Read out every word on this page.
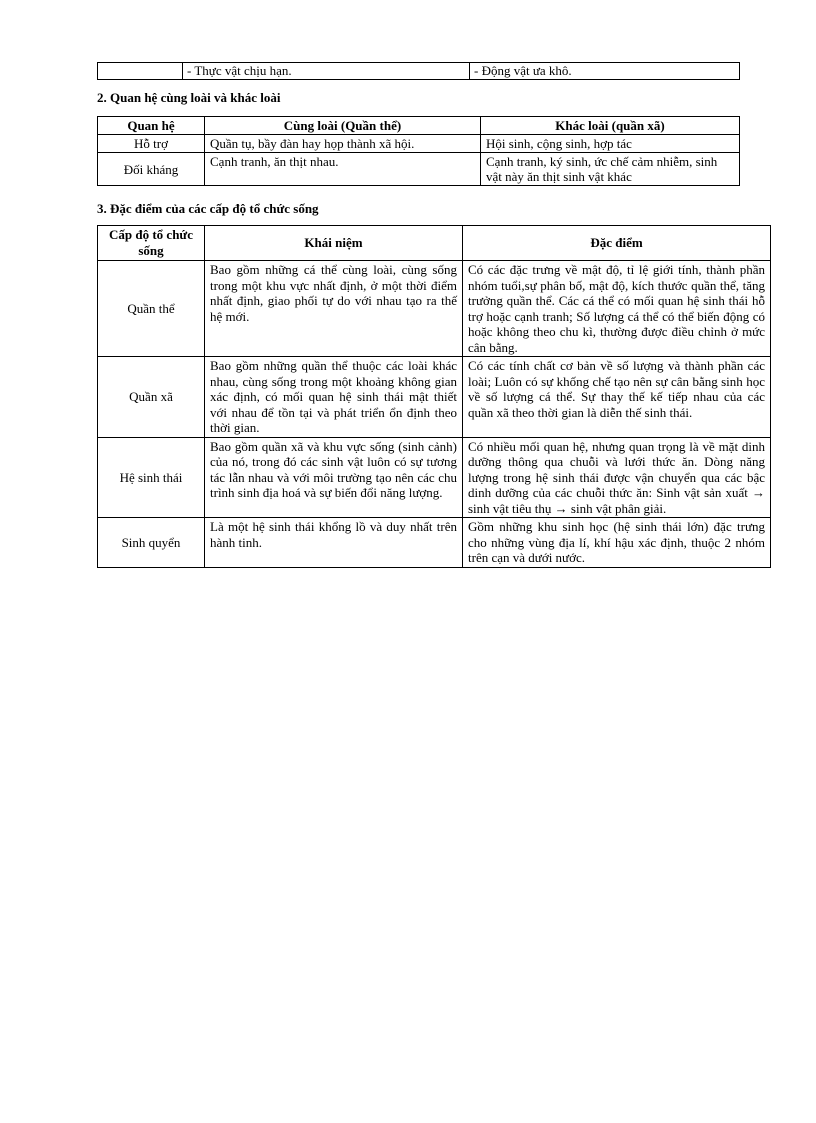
	- Thực vật chịu hạn.	- Động vật ưa khô.
2. Quan hệ cùng loài và khác loài
Quan hệ	Cùng loài (Quần thể)	Khác loài (quần xã)
Hỗ trợ	Quần tụ, bầy đàn hay họp thành xã hội.	Hội sinh, cộng sinh, hợp tác
Đối kháng	Cạnh tranh, ăn thịt nhau.	Cạnh tranh, ký sinh, ức chế cảm nhiễm, sinh vật này ăn thịt sinh vật khác
3. Đặc điểm của các cấp độ tổ chức sống
Cấp độ tổ chức sống	Khái niệm	Đặc điểm
Quần thể	Bao gồm những cá thể cùng loài, cùng sống trong một khu vực nhất định, ở một thời điểm nhất định, giao phối tự do với nhau tạo ra thế hệ mới.	Có các đặc trưng về mật độ, tỉ lệ giới tính, thành phần nhóm tuổi,sự phân bố, mật độ, kích thước quần thể, tăng trưởng quần thể. Các cá thể có mối quan hệ sinh thái hỗ trợ hoặc cạnh tranh; Số lượng cá thể có thể biến động có hoặc không theo chu kì, thường được điều chỉnh ở mức cân bằng.
Quần xã	Bao gồm những quần thể thuộc các loài khác nhau, cùng sống trong một khoảng không gian xác định, có mối quan hệ sinh thái mật thiết với nhau để tồn tại và phát triển ổn định theo thời gian.	Có các tính chất cơ bản về số lượng và thành phần các loài; Luôn có sự khống chế tạo nên sự cân bằng sinh học về số lượng cá thể. Sự thay thế kế tiếp nhau của các quần xã theo thời gian là diễn thế sinh thái.
Hệ sinh thái	Bao gồm quần xã và khu vực sống (sinh cảnh) của nó, trong đó các sinh vật luôn có sự tương tác lẫn nhau và với môi trường tạo nên các chu trình sinh địa hoá và sự biến đổi năng lượng.	Có nhiều mối quan hệ, nhưng quan trọng là về mặt dinh dưỡng thông qua chuỗi và lưới thức ăn. Dòng năng lượng trong hệ sinh thái được vận chuyển qua các bậc dinh dưỡng của các chuỗi thức ăn: Sinh vật sản xuất → sinh vật tiêu thụ → sinh vật phân giải.
Sinh quyển	Là một hệ sinh thái khổng lồ và duy nhất trên hành tinh.	Gồm những khu sinh học (hệ sinh thái lớn) đặc trưng cho những vùng địa lí, khí hậu xác định, thuộc 2 nhóm trên cạn và dưới nước.
